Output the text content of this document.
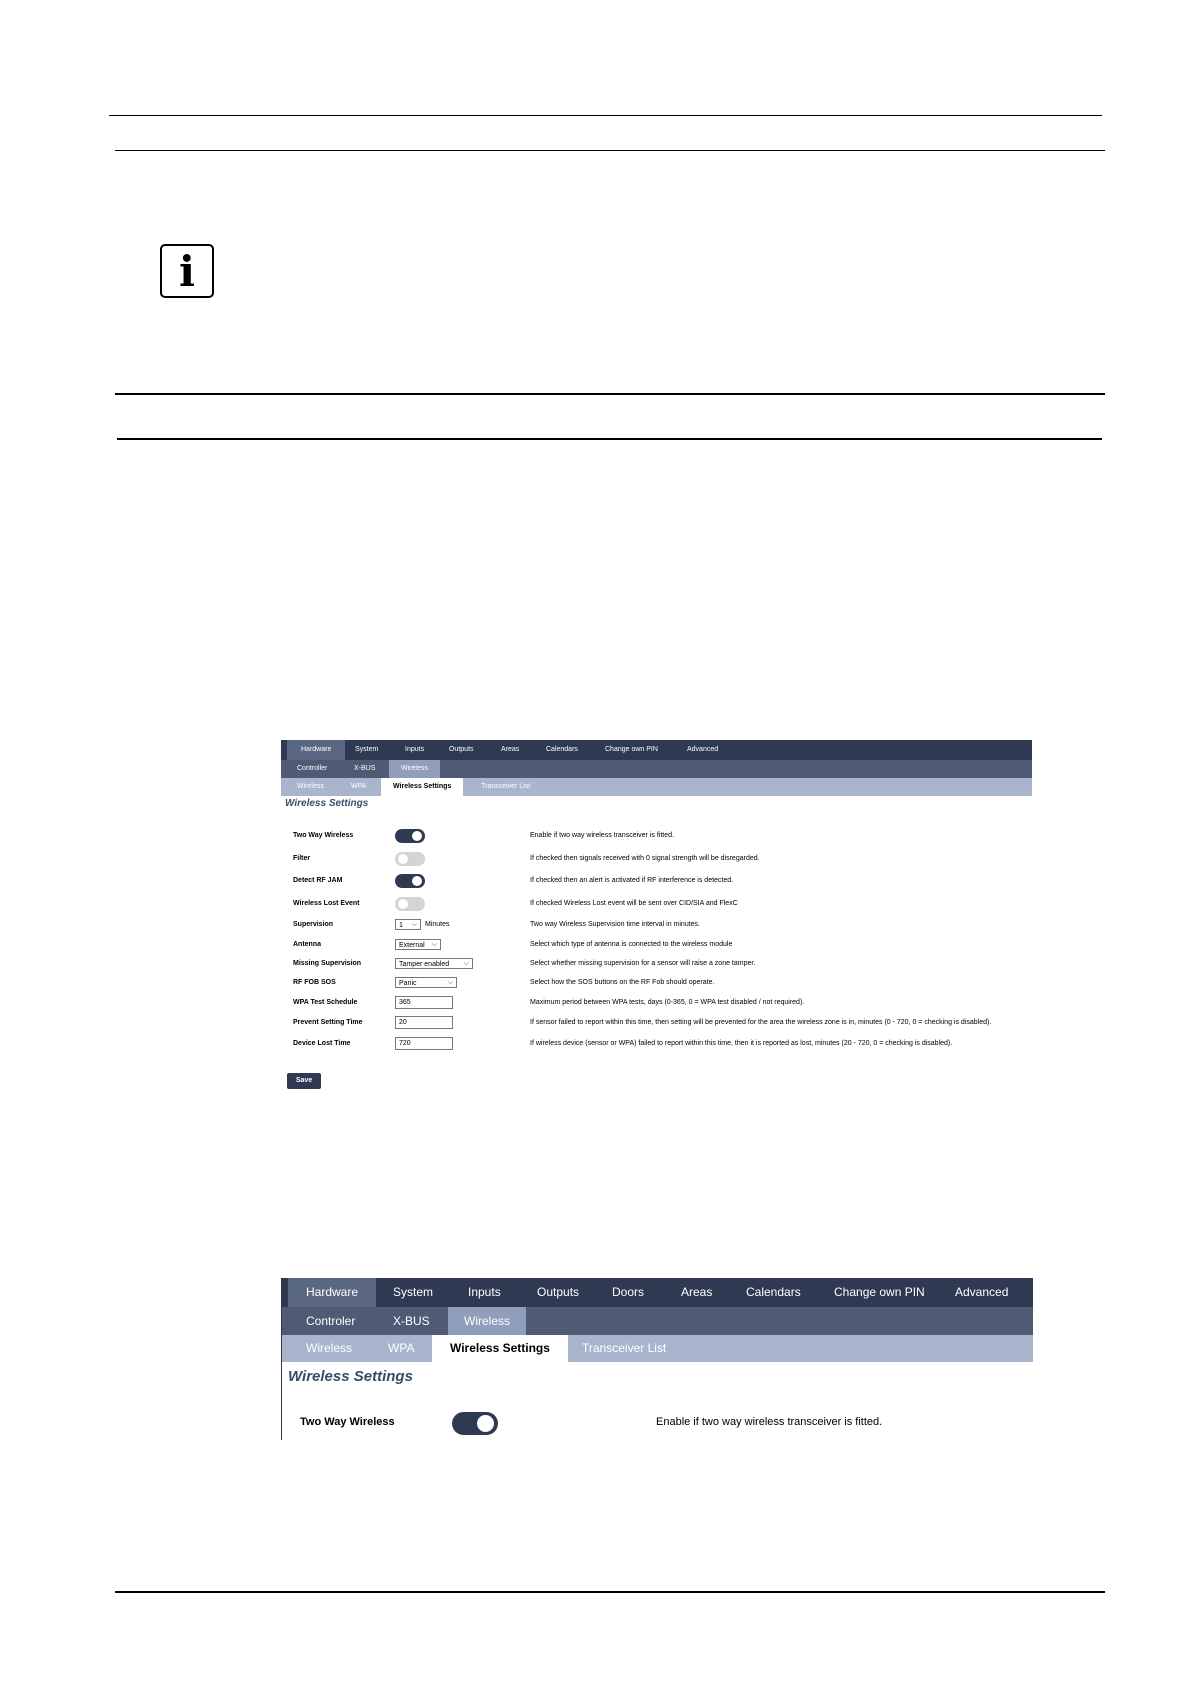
i
Hardware	System	Inputs	Outputs	Areas	Calendars	Change own PIN	Advanced
Controller	X-BUS	Wireless
Wireless	WPA	Wireless Settings	Transceiver List
Wireless Settings
Two Way Wireless	Enable if two way wireless transceiver is fitted.
Filter	If checked then signals received with 0 signal strength will be disregarded.
Detect RF JAM	If checked then an alert is activated if RF interference is detected.
Wireless Lost Event	If checked Wireless Lost event will be sent over CID/SIA and FlexC
Supervision	1 ⌵ Minutes	Two way Wireless Supervision time interval in minutes.
Antenna	External ⌵	Select which type of antenna is connected to the wireless module
Missing Supervision	Tamper enabled ⌵	Select whether missing supervision for a sensor will raise a zone tamper.
RF FOB SOS	Panic	⌵	Select how the SOS buttons on the RF Fob should operate.
WPA Test Schedule	365	Maximum period between WPA tests, days (0-365, 0 = WPA test disabled / not required).
Prevent Setting Time	20	If sensor failed to report within this time, then setting will be prevented for the area the wireless zone is in, minutes (0 - 720, 0 = checking is disabled).
Device Lost Time	720	If wireless device (sensor or WPA) failed to report within this time, then it is reported as lost, minutes (20 - 720, 0 = checking is disabled).
Save
Hardware	System	Inputs	Outputs	Doors	Areas	Calendars	Change own PIN	Advanced
Controler	X-BUS	Wireless
Wireless	WPA	Wireless Settings	Transceiver List
Wireless Settings
Two Way Wireless	Enable if two way wireless transceiver is fitted.
